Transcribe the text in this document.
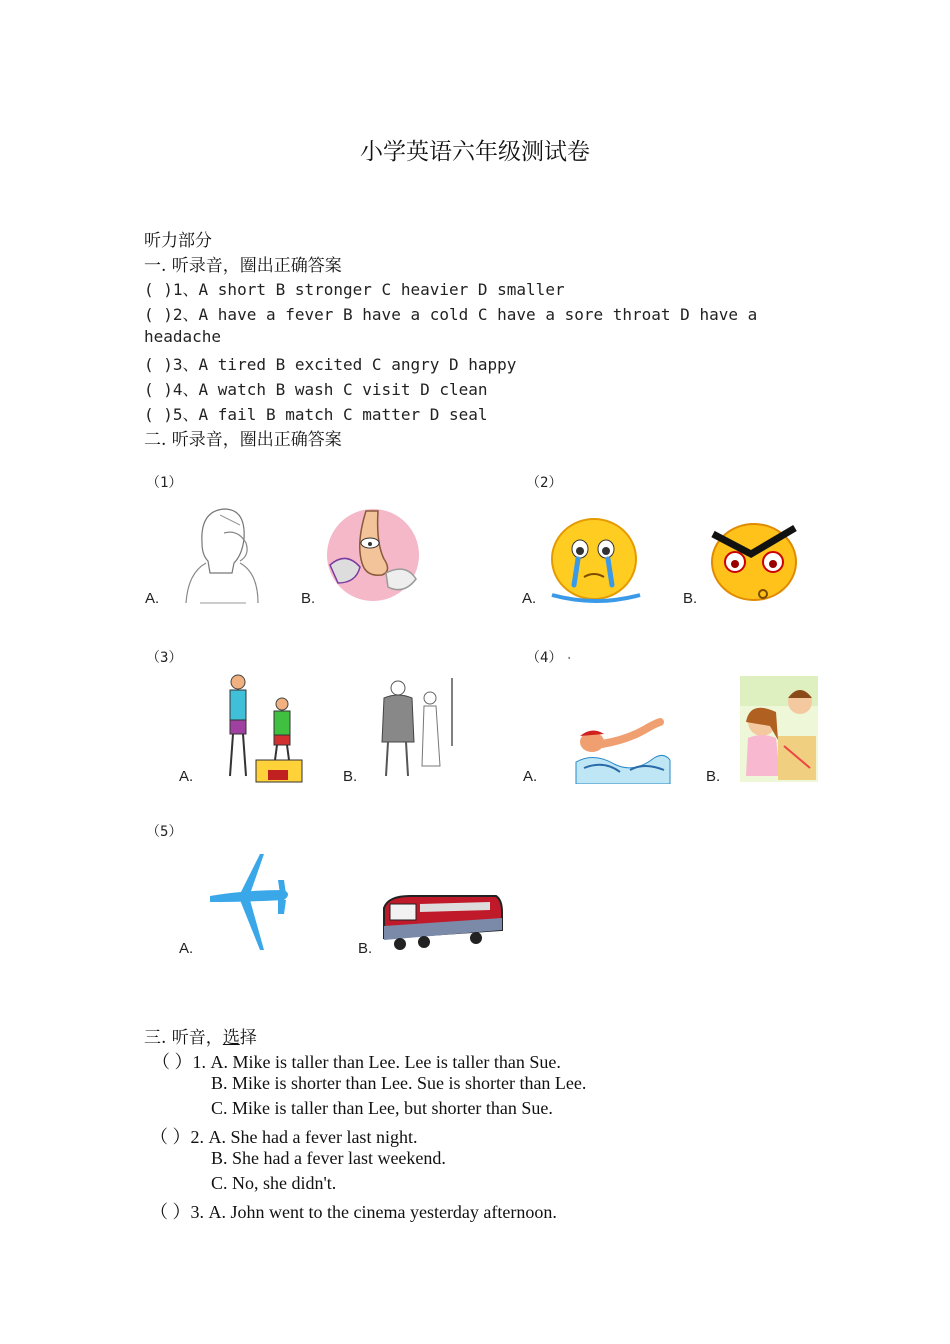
小学英语六年级测试卷
听力部分
一. 听录音，圈出正确答案
( )1、A short B stronger C heavier D smaller
( )2、A have a fever B have a cold C have a sore throat D have a
headache
( )3、A tired B excited C angry D happy
( )4、A watch B wash C visit D clean
( )5、A fail B match C matter D seal
二. 听录音，圈出正确答案
（1）
A.	B.
（2）
A.	B.
（3）
A.	B.
（4） .
A.	B.
（5）
A.	B.
三. 听音，选择
（ ）1. A. Mike is taller than Lee. Lee is taller than Sue.
B. Mike is shorter than Lee. Sue is shorter than Lee.
C. Mike is taller than Lee, but shorter than Sue.
（ ）2. A. She had a fever last night.
B. She had a fever last weekend.
C. No, she didn't.
（ ）3. A. John went to the cinema yesterday afternoon.
